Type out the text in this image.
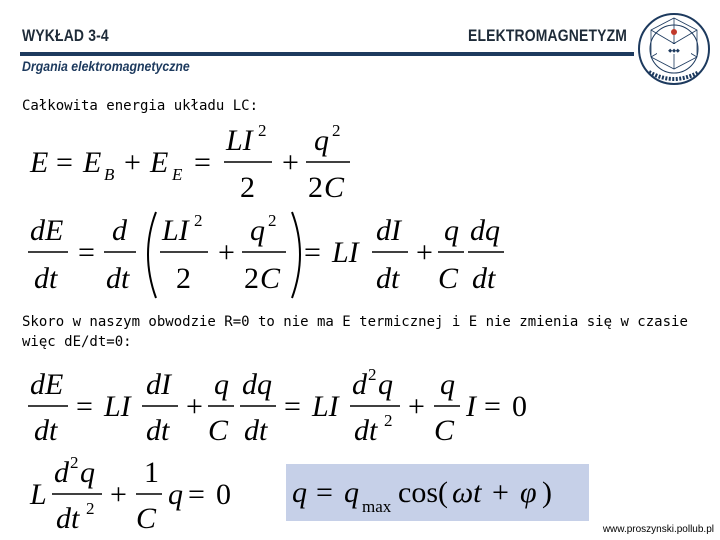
WYKŁAD 3-4	ELEKTROMAGNETYZM
Drgania elektromagnetyczne
◆◆◆
Całkowita energia układu LC:
E = E B + E E =
LI 2
2
+
q 2
2 C
dE
dt
=
d
dt
LI 2
2
+
q 2
2 C
= LI
dI
dt
+
q
C
dq
dt
Skoro w naszym obwodzie R=0 to nie ma E termicznej i E nie zmienia się w czasie więc dE/dt=0:
dE
dt
= LI
dI
dt
+
q
C
dq
dt
= LI
d 2 q
dt 2 +
q
C
I = 0
L
d 2 q
dt 2 +
1
C
q = 0 q = q max cos( ωt + φ )
www.proszynski.pollub.pl
